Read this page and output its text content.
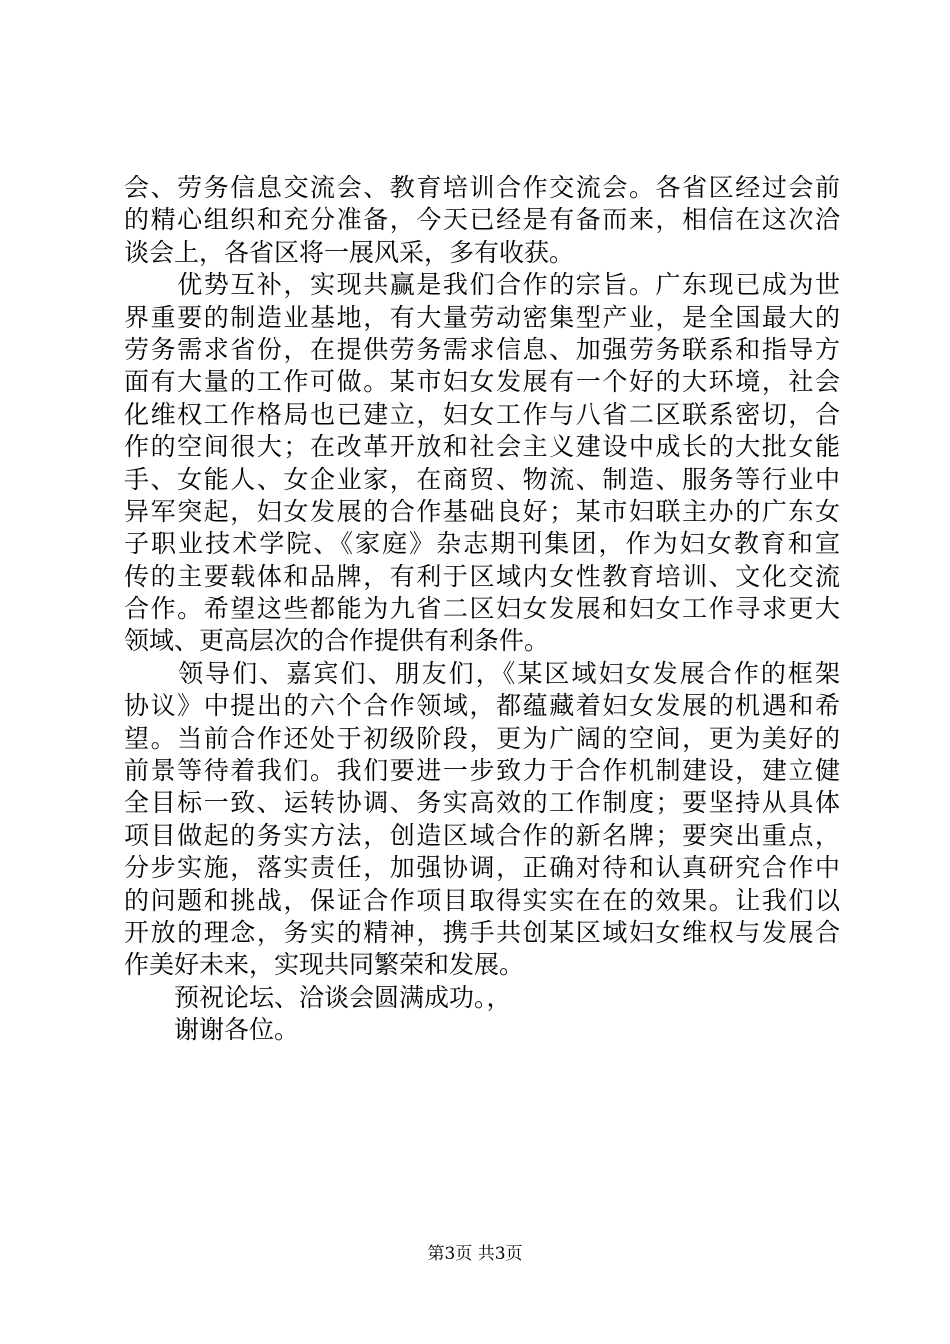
会、劳务信息交流会、教育培训合作交流会。各省区经过会前
的精心组织和充分准备，今天已经是有备而来，相信在这次洽
谈会上，各省区将一展风采，多有收获。
　　优势互补，实现共赢是我们合作的宗旨。广东现已成为世
界重要的制造业基地，有大量劳动密集型产业，是全国最大的
劳务需求省份，在提供劳务需求信息、加强劳务联系和指导方
面有大量的工作可做。某市妇女发展有一个好的大环境，社会
化维权工作格局也已建立，妇女工作与八省二区联系密切，合
作的空间很大；在改革开放和社会主义建设中成长的大批女能
手、女能人、女企业家，在商贸、物流、制造、服务等行业中
异军突起，妇女发展的合作基础良好；某市妇联主办的广东女
子职业技术学院、《家庭》杂志期刊集团，作为妇女教育和宣
传的主要载体和品牌，有利于区域内女性教育培训、文化交流
合作。希望这些都能为九省二区妇女发展和妇女工作寻求更大
领域、更高层次的合作提供有利条件。
　　领导们、嘉宾们、朋友们，《某区域妇女发展合作的框架
协议》中提出的六个合作领域，都蕴藏着妇女发展的机遇和希
望。当前合作还处于初级阶段，更为广阔的空间，更为美好的
前景等待着我们。我们要进一步致力于合作机制建设，建立健
全目标一致、运转协调、务实高效的工作制度；要坚持从具体
项目做起的务实方法，创造区域合作的新名牌；要突出重点，
分步实施，落实责任，加强协调，正确对待和认真研究合作中
的问题和挑战，保证合作项目取得实实在在的效果。让我们以
开放的理念，务实的精神，携手共创某区域妇女维权与发展合
作美好未来，实现共同繁荣和发展。
　　预祝论坛、洽谈会圆满成功。，
　　谢谢各位。
第3页 共3页
